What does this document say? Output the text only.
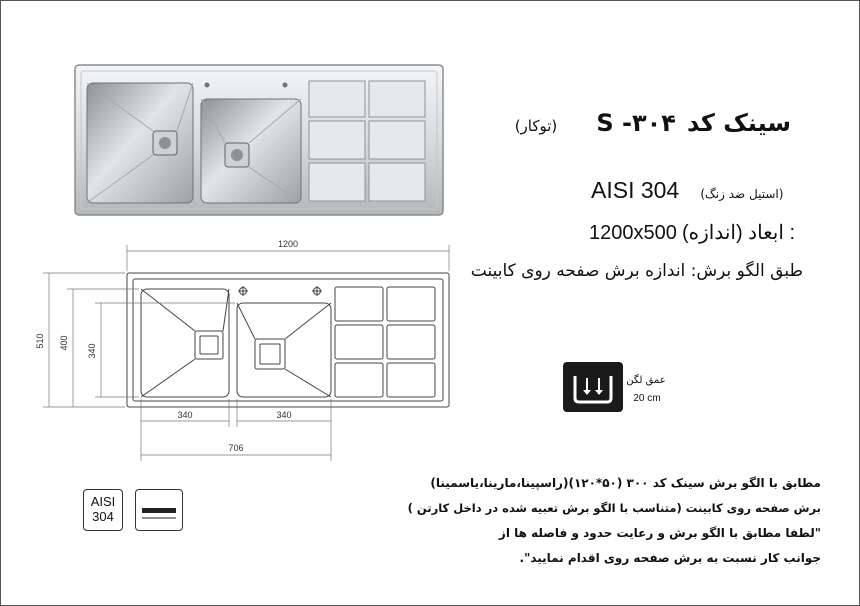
سینک کد ۳۰۴- S (توکار)
AISI 304 (استیل ضد زنگ)
1200x500 : ابعاد (اندازه)
طبق الگو برش: اندازه برش صفحه روی کابینت
1200
510 400
340
340	340
706
عمق لگن
20 cm
مطابق با الگو برش سینک کد ۳۰۰ (۵۰*۱۲۰)(راسپینا،مارینا،یاسمینا)
برش صفحه روی کابینت (متناسب با الگو برش تعبیه شده در داخل کارتن )
"لطفا مطابق با الگو برش و رعایت حدود و فاصله ها از
جوانب کار نسبت به برش صفحه روی اقدام نمایید".
AISI
304
